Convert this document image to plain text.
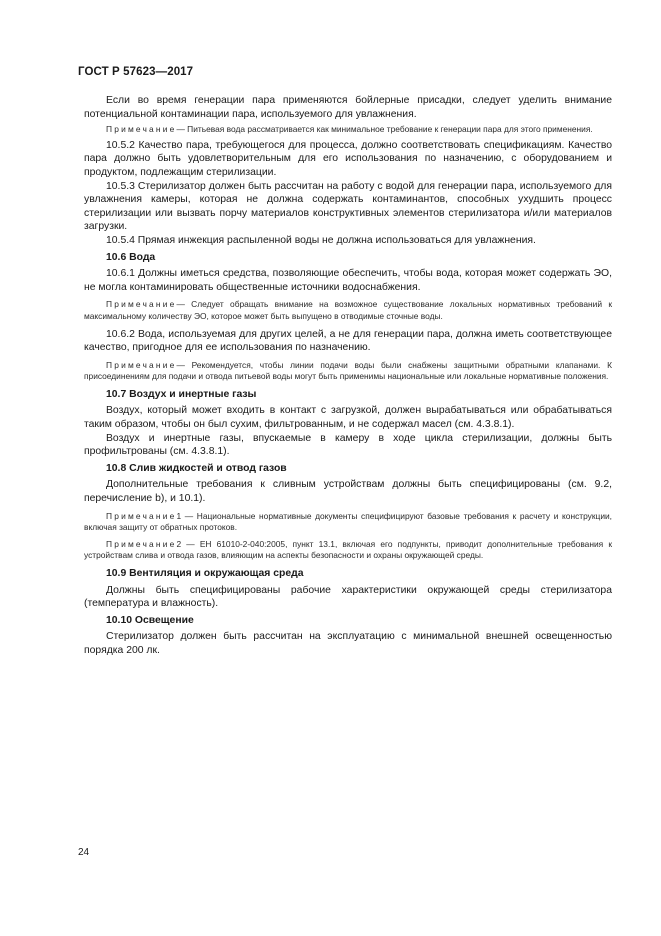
ГОСТ Р 57623—2017

Если во время генерации пара применяются бойлерные присадки, следует уделить внимание потенциальной контаминации пара, используемого для увлажнения.

Примечание— Питьевая вода рассматривается как минимальное требование к генерации пара для этого применения.

10.5.2 Качество пара, требующегося для процесса, должно соответствовать спецификациям. Качество пара должно быть удовлетворительным для его использования по назначению, с оборудованием и продуктом, подлежащим стерилизации.

10.5.3 Стерилизатор должен быть рассчитан на работу с водой для генерации пара, используемого для увлажнения камеры, которая не должна содержать контаминантов, способных ухудшить процесс стерилизации или вызвать порчу материалов конструктивных элементов стерилизатора и/или материалов загрузки.

10.5.4 Прямая инжекция распыленной воды не должна использоваться для увлажнения.

10.6 Вода

10.6.1 Должны иметься средства, позволяющие обеспечить, чтобы вода, которая может содержать ЭО, не могла контаминировать общественные источники водоснабжения.

Примечание— Следует обращать внимание на возможное существование локальных нормативных требований к максимальному количеству ЭО, которое может быть выпущено в отводимые сточные воды.

10.6.2 Вода, используемая для других целей, а не для генерации пара, должна иметь соответствующее качество, пригодное для ее использования по назначению.

Примечание— Рекомендуется, чтобы линии подачи воды были снабжены защитными обратными клапанами. К присоединениям для подачи и отвода питьевой воды могут быть применимы национальные или локальные нормативные положения.

10.7 Воздух и инертные газы

Воздух, который может входить в контакт с загрузкой, должен вырабатываться или обрабатываться таким образом, чтобы он был сухим, фильтрованным, и не содержал масел (см. 4.3.8.1).

Воздух и инертные газы, впускаемые в камеру в ходе цикла стерилизации, должны быть профильтрованы (см. 4.3.8.1).

10.8 Слив жидкостей и отвод газов

Дополнительные требования к сливным устройствам должны быть специфицированы (см. 9.2, перечисление b), и 10.1).

Примечание1 — Национальные нормативные документы специфицируют базовые требования к расчету и конструкции, включая защиту от обратных протоков.

Примечание2 — ЕН 61010-2-040:2005, пункт 13.1, включая его подпункты, приводит дополнительные требования к устройствам слива и отвода газов, влияющим на аспекты безопасности и охраны окружающей среды.

10.9 Вентиляция и окружающая среда

Должны быть специфицированы рабочие характеристики окружающей среды стерилизатора (температура и влажность).

10.10 Освещение

Стерилизатор должен быть рассчитан на эксплуатацию с минимальной внешней освещенностью порядка 200 лк.

24
